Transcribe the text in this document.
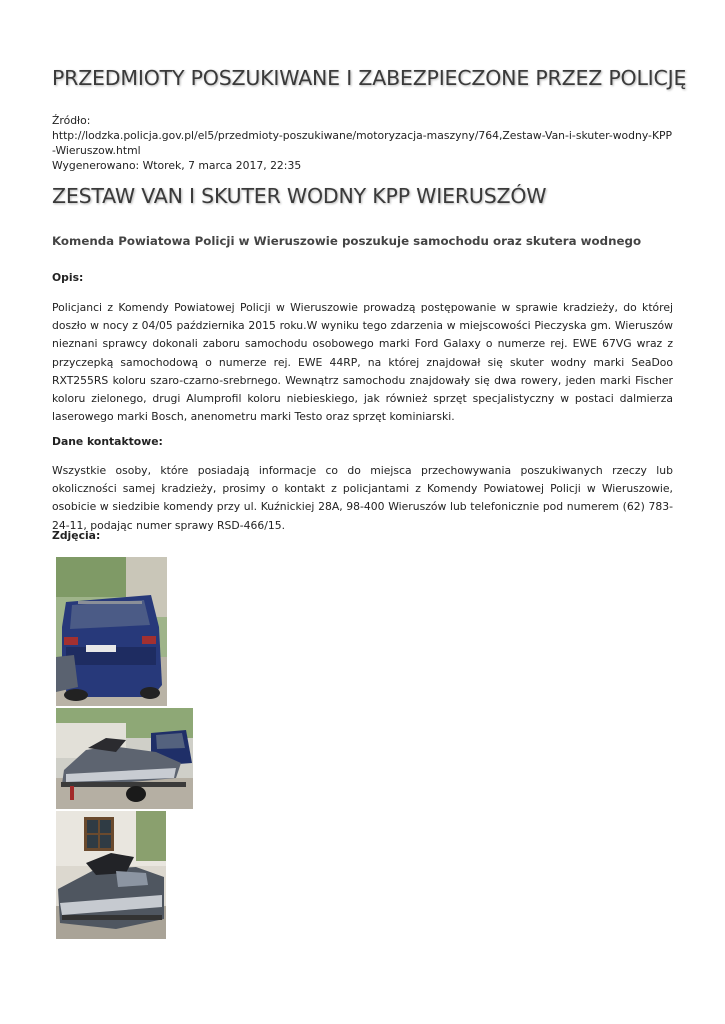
PRZEDMIOTY POSZUKIWANE I ZABEZPIECZONE PRZEZ POLICJĘ
Źródło:
http://lodzka.policja.gov.pl/el5/przedmioty-poszukiwane/motoryzacja-maszyny/764,Zestaw-Van-i-skuter-wodny-KPP-Wieruszow.html
Wygenerowano: Wtorek, 7 marca 2017, 22:35
ZESTAW VAN I SKUTER WODNY KPP WIERUSZÓW
Komenda Powiatowa Policji w Wieruszowie poszukuje samochodu oraz skutera wodnego

Opis:

Policjanci z Komendy Powiatowej Policji w Wieruszowie prowadzą postępowanie w sprawie kradzieży, do której doszło w nocy z 04/05 października 2015 roku.W wyniku tego zdarzenia w miejscowości Pieczyska gm. Wieruszów nieznani sprawcy dokonali zaboru samochodu osobowego marki Ford Galaxy o numerze rej. EWE 67VG wraz z przyczepką samochodową o numerze rej. EWE 44RP, na której znajdował się skuter wodny marki SeaDoo RXT255RS koloru szaro-czarno-srebrnego. Wewnątrz samochodu znajdowały się dwa rowery, jeden marki Fischer koloru zielonego, drugi Alumprofil koloru niebieskiego, jak również sprzęt specjalistyczny w postaci dalmierza laserowego marki Bosch, anenometru marki Testo oraz sprzęt kominiarski.

Dane kontaktowe:

Wszystkie osoby, które posiadają informacje co do miejsca przechowywania poszukiwanych rzeczy lub okoliczności samej kradzieży, prosimy o kontakt z policjantami z Komendy Powiatowej Policji w Wieruszowie, osobicie w siedzibie komendy przy ul. Kuźnickiej 28A, 98-400 Wieruszów lub telefonicznie pod numerem (62) 783-24-11, podając numer sprawy RSD-466/15.

Zdjęcia:
